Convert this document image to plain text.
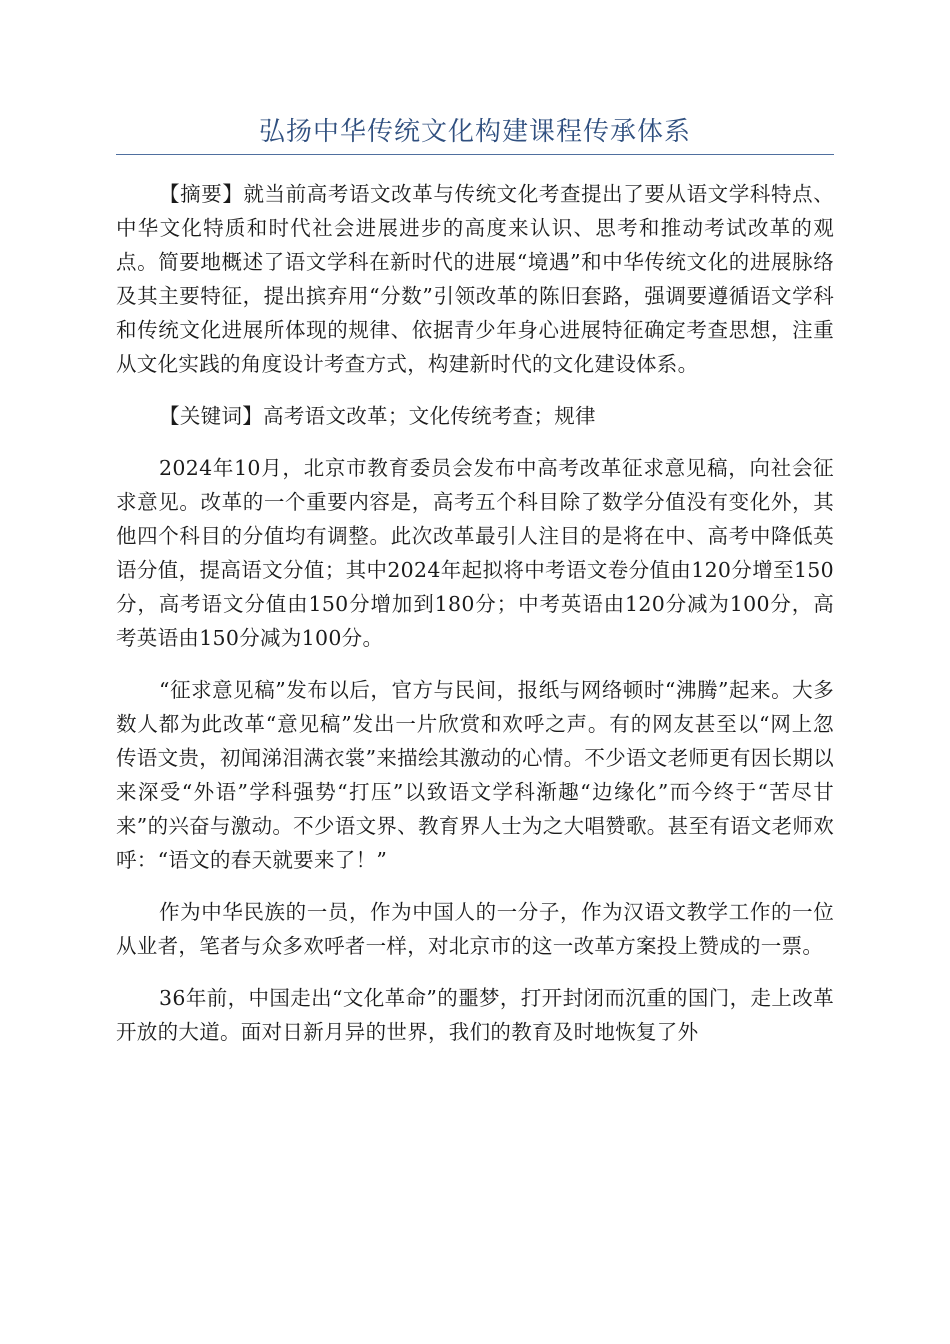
弘扬中华传统文化构建课程传承体系

【摘要】就当前高考语文改革与传统文化考查提出了要从语文学科特点、中华文化特质和时代社会进展进步的高度来认识、思考和推动考试改革的观点。简要地概述了语文学科在新时代的进展“境遇”和中华传统文化的进展脉络及其主要特征，提出摈弃用“分数”引领改革的陈旧套路，强调要遵循语文学科和传统文化进展所体现的规律、依据青少年身心进展特征确定考查思想，注重从文化实践的角度设计考查方式，构建新时代的文化建设体系。

【关键词】高考语文改革；文化传统考查；规律

2024年10月，北京市教育委员会发布中高考改革征求意见稿，向社会征求意见。改革的一个重要内容是，高考五个科目除了数学分值没有变化外，其他四个科目的分值均有调整。此次改革最引人注目的是将在中、高考中降低英语分值，提高语文分值；其中2024年起拟将中考语文卷分值由120分增至150分，高考语文分值由150分增加到180分；中考英语由120分减为100分，高考英语由150分减为100分。

“征求意见稿”发布以后，官方与民间，报纸与网络顿时“沸腾”起来。大多数人都为此改革“意见稿”发出一片欣赏和欢呼之声。有的网友甚至以“网上忽传语文贵，初闻涕泪满衣裳”来描绘其激动的心情。不少语文老师更有因长期以来深受“外语”学科强势“打压”以致语文学科渐趣“边缘化”而今终于“苦尽甘来”的兴奋与激动。不少语文界、教育界人士为之大唱赞歌。甚至有语文老师欢呼：“语文的春天就要来了！”

作为中华民族的一员，作为中国人的一分子，作为汉语文教学工作的一位从业者，笔者与众多欢呼者一样，对北京市的这一改革方案投上赞成的一票。

36年前，中国走出“文化革命”的噩梦，打开封闭而沉重的国门，走上改革开放的大道。面对日新月异的世界，我们的教育及时地恢复了外
